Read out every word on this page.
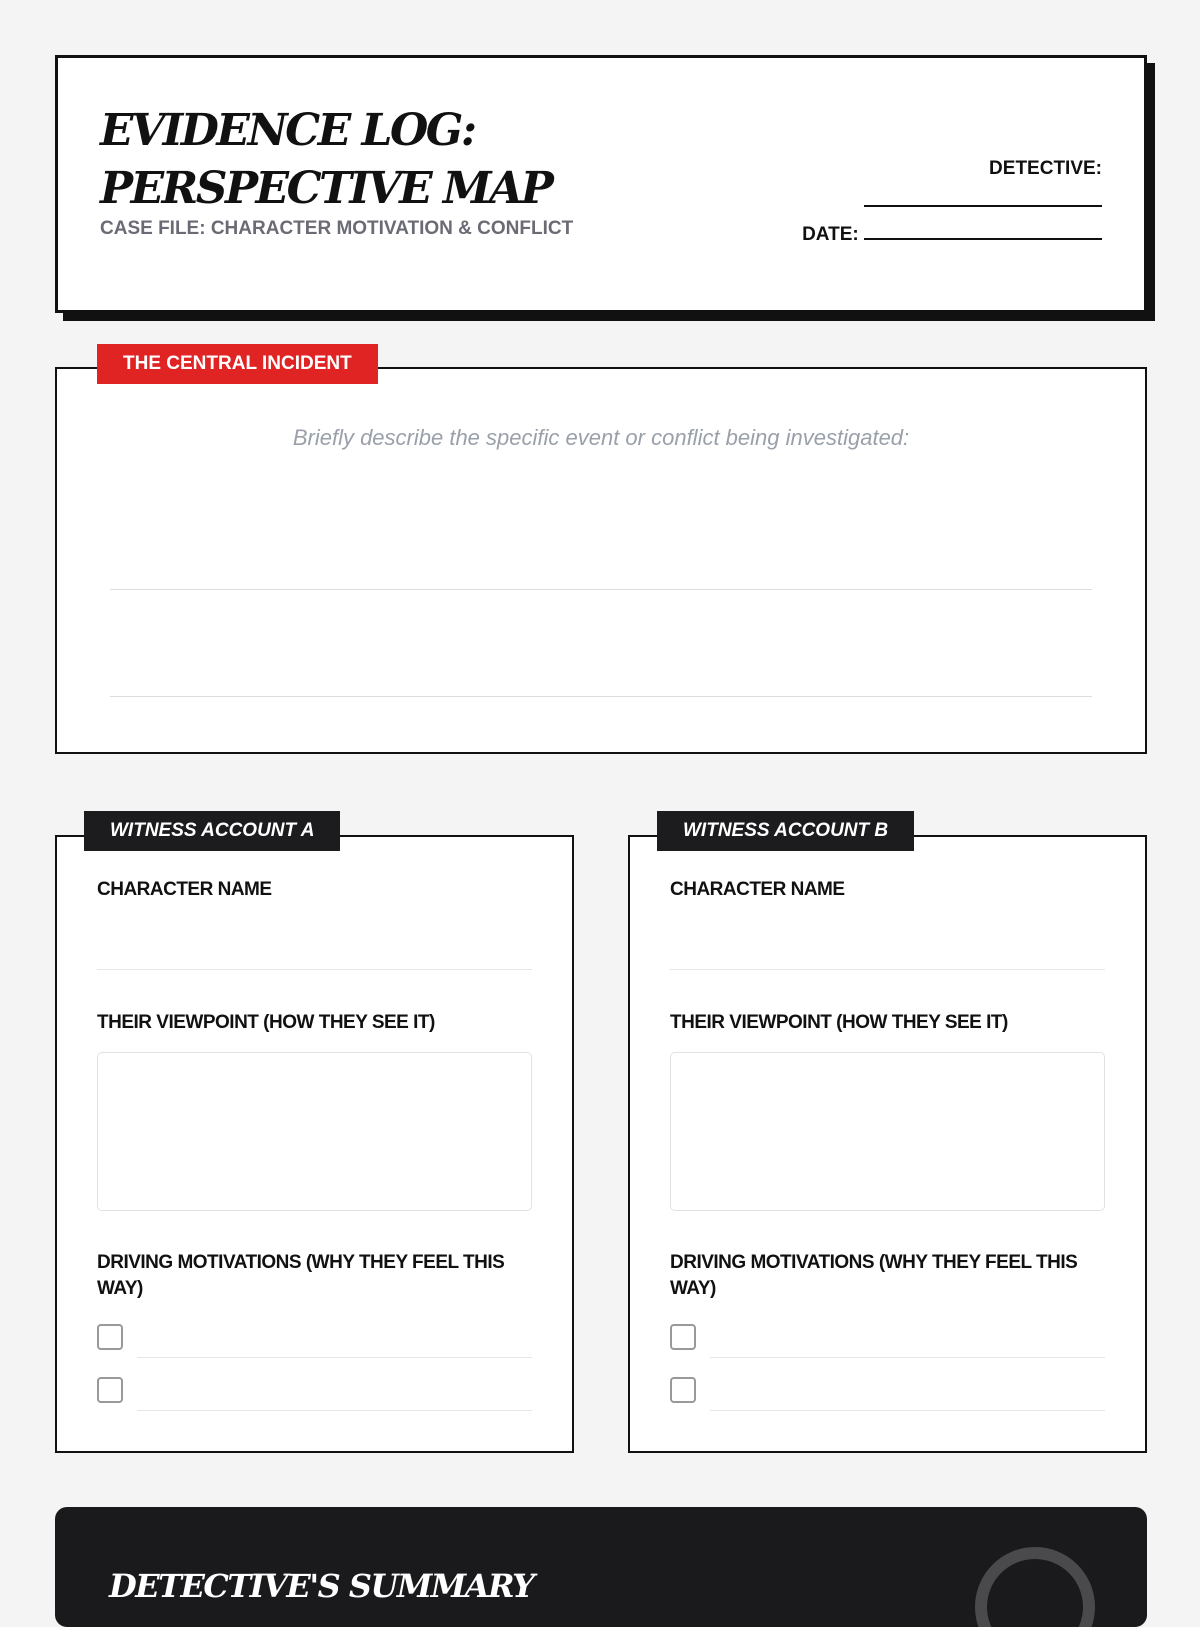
EVIDENCE LOG: PERSPECTIVE MAP
CASE FILE: CHARACTER MOTIVATION & CONFLICT
DETECTIVE:
DATE:
Briefly describe the specific event or conflict being investigated:
THE CENTRAL INCIDENT
CHARACTER NAME
THEIR VIEWPOINT (HOW THEY SEE IT)
DRIVING MOTIVATIONS (WHY THEY FEEL THIS WAY)
WITNESS ACCOUNT A
CHARACTER NAME
THEIR VIEWPOINT (HOW THEY SEE IT)
DRIVING MOTIVATIONS (WHY THEY FEEL THIS WAY)
WITNESS ACCOUNT B
DETECTIVE'S SUMMARY
